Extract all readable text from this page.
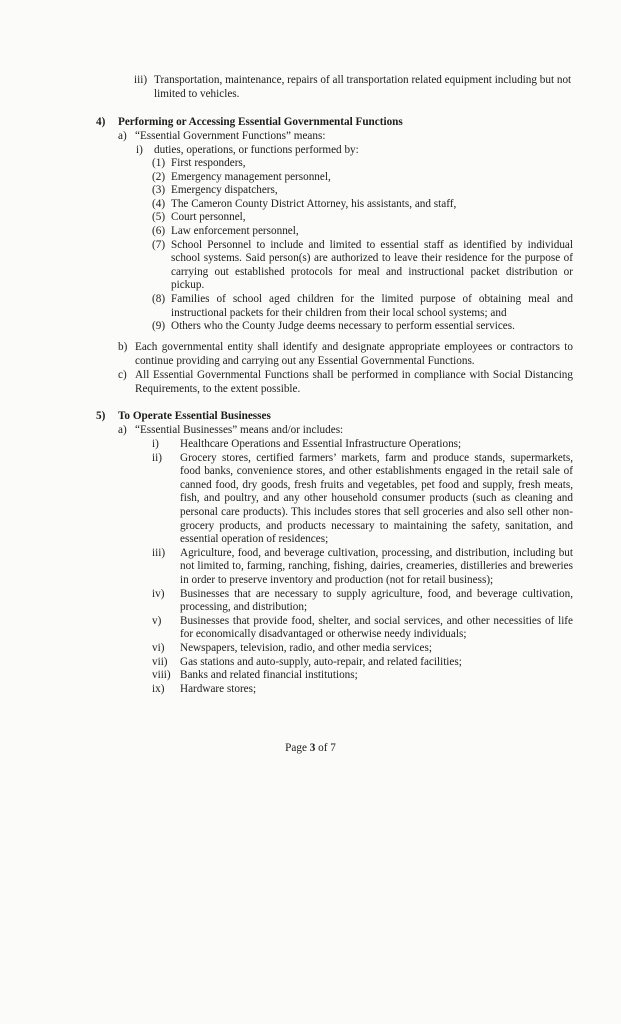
iii) Transportation, maintenance, repairs of all transportation related equipment including but not limited to vehicles.
4)	Performing or Accessing Essential Governmental Functions
a) “Essential Government Functions” means:
i) duties, operations, or functions performed by:
(1) First responders,
(2) Emergency management personnel,
(3) Emergency dispatchers,
(4) The Cameron County District Attorney, his assistants, and staff,
(5) Court personnel,
(6) Law enforcement personnel,
(7) School Personnel to include and limited to essential staff as identified by individual school systems. Said person(s) are authorized to leave their residence for the purpose of carrying out established protocols for meal and instructional packet distribution or pickup.
(8) Families of school aged children for the limited purpose of obtaining meal and instructional packets for their children from their local school systems; and
(9) Others who the County Judge deems necessary to perform essential services.
b) Each governmental entity shall identify and designate appropriate employees or contractors to continue providing and carrying out any Essential Governmental Functions.
c) All Essential Governmental Functions shall be performed in compliance with Social Distancing Requirements, to the extent possible.
5)	To Operate Essential Businesses
a) “Essential Businesses” means and/or includes:
i)	Healthcare Operations and Essential Infrastructure Operations;
ii)	Grocery stores, certified farmers’ markets, farm and produce stands, supermarkets, food banks, convenience stores, and other establishments engaged in the retail sale of canned food, dry goods, fresh fruits and vegetables, pet food and supply, fresh meats, fish, and poultry, and any other household consumer products (such as cleaning and personal care products). This includes stores that sell groceries and also sell other non- grocery products, and products necessary to maintaining the safety, sanitation, and essential operation of residences;
iii)	Agriculture, food, and beverage cultivation, processing, and distribution, including but not limited to, farming, ranching, fishing, dairies, creameries, distilleries and breweries in order to preserve inventory and production (not for retail business);
iv)	Businesses that are necessary to supply agriculture, food, and beverage cultivation, processing, and distribution;
v)	Businesses that provide food, shelter, and social services, and other necessities of life for economically disadvantaged or otherwise needy individuals;
vi)	Newspapers, television, radio, and other media services;
vii)	Gas stations and auto-supply, auto-repair, and related facilities;
viii) Banks and related financial institutions;
ix)	Hardware stores;
Page 3 of 7
